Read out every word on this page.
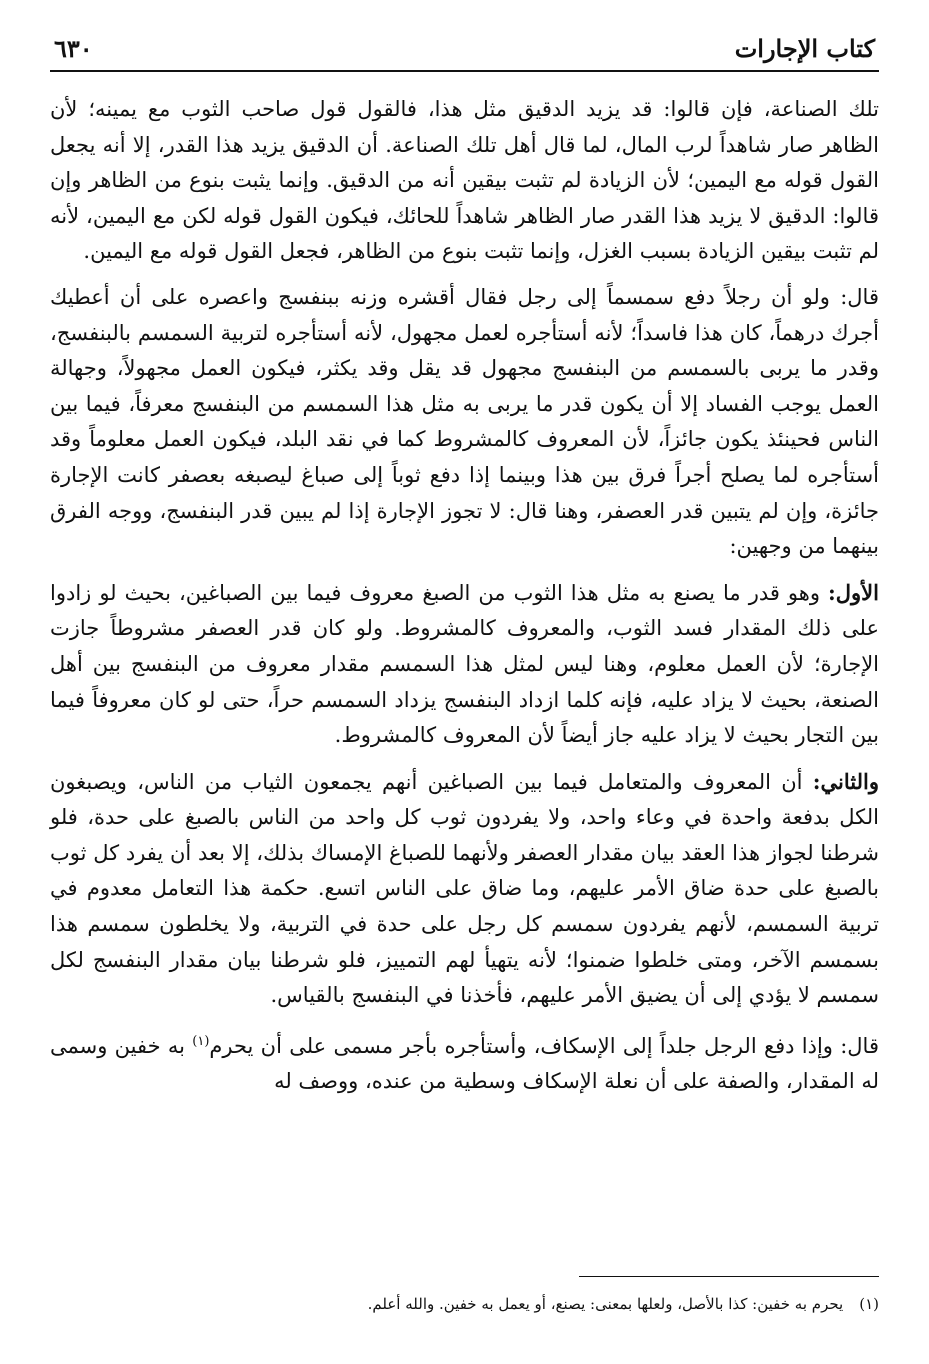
كتاب الإجارات
٦٣٠

تلك الصناعة، فإن قالوا: قد يزيد الدقيق مثل هذا، فالقول قول صاحب الثوب مع يمينه؛ لأن الظاهر صار شاهداً لرب المال، لما قال أهل تلك الصناعة. أن الدقيق يزيد هذا القدر، إلا أنه يجعل القول قوله مع اليمين؛ لأن الزيادة لم تثبت بيقين أنه من الدقيق. وإنما يثبت بنوع من الظاهر وإن قالوا: الدقيق لا يزيد هذا القدر صار الظاهر شاهداً للحائك، فيكون القول قوله لكن مع اليمين، لأنه لم تثبت بيقين الزيادة بسبب الغزل، وإنما تثبت بنوع من الظاهر، فجعل القول قوله مع اليمين.

قال: ولو أن رجلاً دفع سمسماً إلى رجل فقال أقشره وزنه ببنفسج واعصره على أن أعطيك أجرك درهماً، كان هذا فاسداً؛ لأنه أستأجره لعمل مجهول، لأنه أستأجره لتربية السمسم بالبنفسج، وقدر ما يربى بالسمسم من البنفسج مجهول قد يقل وقد يكثر، فيكون العمل مجهولاً، وجهالة العمل يوجب الفساد إلا أن يكون قدر ما يربى به مثل هذا السمسم من البنفسج معرفاً، فيما بين الناس فحينئذ يكون جائزاً، لأن المعروف كالمشروط كما في نقد البلد، فيكون العمل معلوماً وقد أستأجره لما يصلح أجراً فرق بين هذا وبينما إذا دفع ثوباً إلى صباغ ليصبغه بعصفر كانت الإجارة جائزة، وإن لم يتبين قدر العصفر، وهنا قال: لا تجوز الإجارة إذا لم يبين قدر البنفسج، ووجه الفرق بينهما من وجهين:

الأول: وهو قدر ما يصنع به مثل هذا الثوب من الصبغ معروف فيما بين الصباغين، بحيث لو زادوا على ذلك المقدار فسد الثوب، والمعروف كالمشروط. ولو كان قدر العصفر مشروطاً جازت الإجارة؛ لأن العمل معلوم، وهنا ليس لمثل هذا السمسم مقدار معروف من البنفسج بين أهل الصنعة، بحيث لا يزاد عليه، فإنه كلما ازداد البنفسج يزداد السمسم حراً، حتى لو كان معروفاً فيما بين التجار بحيث لا يزاد عليه جاز أيضاً لأن المعروف كالمشروط.

والثاني: أن المعروف والمتعامل فيما بين الصباغين أنهم يجمعون الثياب من الناس، ويصبغون الكل بدفعة واحدة في وعاء واحد، ولا يفردون ثوب كل واحد من الناس بالصبغ على حدة، فلو شرطنا لجواز هذا العقد بيان مقدار العصفر ولأنهما للصباغ الإمساك بذلك، إلا بعد أن يفرد كل ثوب بالصبغ على حدة ضاق الأمر عليهم، وما ضاق على الناس اتسع. حكمة هذا التعامل معدوم في تربية السمسم، لأنهم يفردون سمسم كل رجل على حدة في التربية، ولا يخلطون سمسم هذا بسمسم الآخر، ومتى خلطوا ضمنوا؛ لأنه يتهيأ لهم التمييز، فلو شرطنا بيان مقدار البنفسج لكل سمسم لا يؤدي إلى أن يضيق الأمر عليهم، فأخذنا في البنفسج بالقياس.

قال: وإذا دفع الرجل جلداً إلى الإسكاف، وأستأجره بأجر مسمى على أن يحرم$^{(١)}$ به خفين وسمى له المقدار، والصفة على أن نعلة الإسكاف وسطية من عنده، ووصف له

(١)يحرم به خفين: كذا بالأصل، ولعلها بمعنى: يصنع، أو يعمل به خفين. والله أعلم.
